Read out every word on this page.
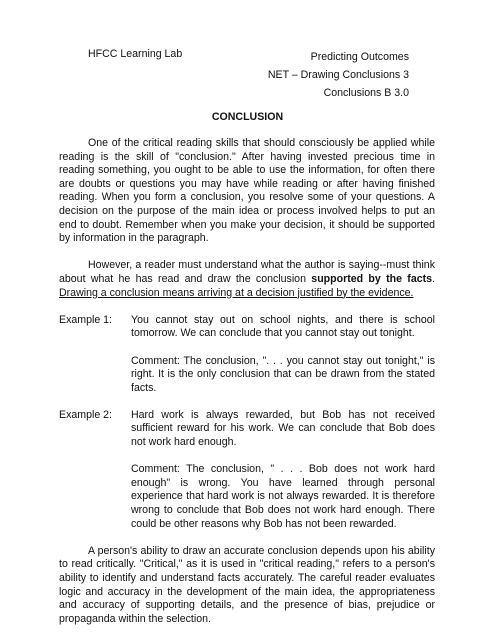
HFCC Learning Lab	Predicting Outcomes
NET – Drawing Conclusions 3
Conclusions B 3.0
CONCLUSION

One of the critical reading skills that should consciously be applied while reading is the skill of "conclusion." After having invested precious time in reading something, you ought to be able to use the information, for often there are doubts or questions you may have while reading or after having finished reading. When you form a conclusion, you resolve some of your questions. A decision on the purpose of the main idea or process involved helps to put an end to doubt. Remember when you make your decision, it should be supported by information in the paragraph.

However, a reader must understand what the author is saying--must think about what he has read and draw the conclusion supported by the facts. Drawing a conclusion means arriving at a decision justified by the evidence.

Example 1:	You cannot stay out on school nights, and there is school tomorrow. We can conclude that you cannot stay out tonight.
Comment: The conclusion, ". . . you cannot stay out tonight," is right. It is the only conclusion that can be drawn from the stated facts.
Example 2:	Hard work is always rewarded, but Bob has not received sufficient reward for his work. We can conclude that Bob does not work hard enough.
Comment: The conclusion, " . . . Bob does not work hard enough" is wrong. You have learned through personal experience that hard work is not always rewarded. It is therefore wrong to conclude that Bob does not work hard enough. There could be other reasons why Bob has not been rewarded.

A person's ability to draw an accurate conclusion depends upon his ability to read critically. "Critical," as it is used in "critical reading," refers to a person's ability to identify and understand facts accurately. The careful reader evaluates logic and accuracy in the development of the main idea, the appropriateness and accuracy of supporting details, and the presence of bias, prejudice or propaganda within the selection.
